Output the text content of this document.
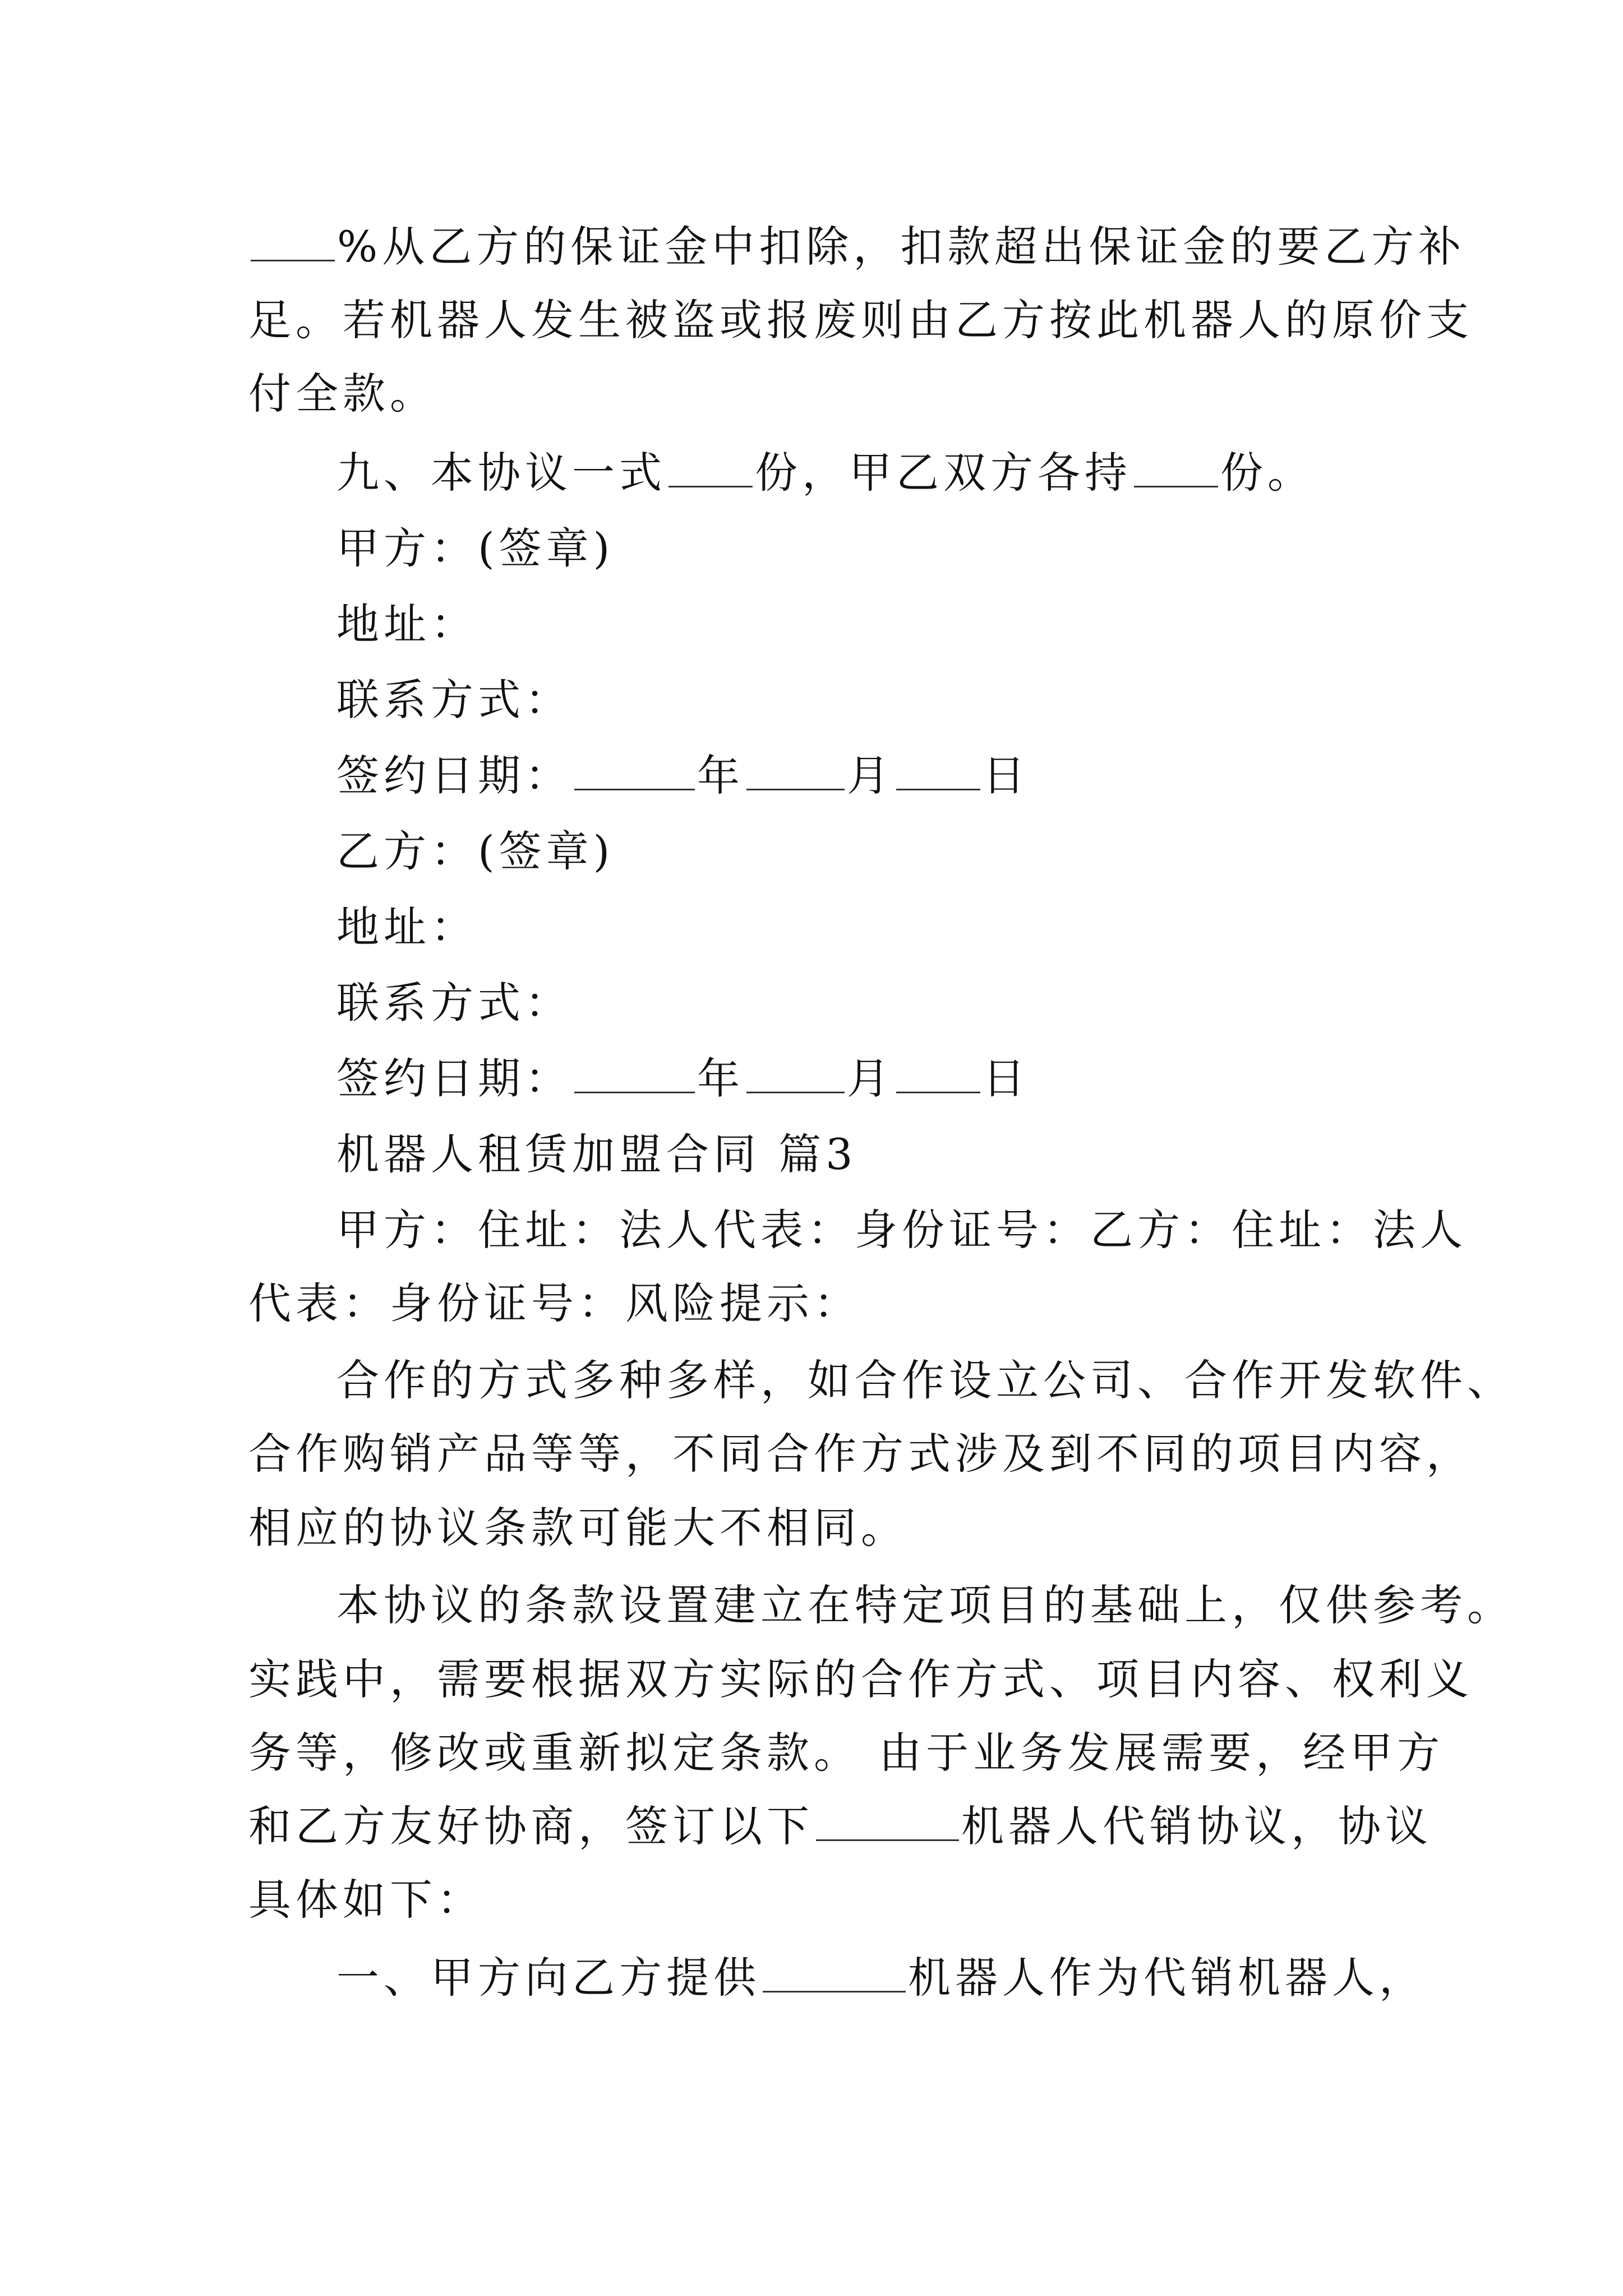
%从乙方的保证金中扣除，扣款超出保证金的要乙方补
足。若机器人发生被盗或报废则由乙方按此机器人的原价支
付全款。
九、本协议一式 份，甲乙双方各持 份。
甲方：(签章)
地址：
联系方式：
签约日期：	年 月 日
乙方：(签章)
地址：
联系方式：
签约日期：	年 月 日
机器人租赁加盟合同 篇3
甲方：住址：法人代表：身份证号：乙方：住址：法人
代表：身份证号：风险提示：
合作的方式多种多样，如合作设立公司、合作开发软件、
合作购销产品等等，不同合作方式涉及到不同的项目内容，
相应的协议条款可能大不相同。
本协议的条款设置建立在特定项目的基础上，仅供参考。
实践中，需要根据双方实际的合作方式、项目内容、权利义
务等，修改或重新拟定条款。 由于业务发展需要，经甲方
和乙方友好协商，签订以下	机器人代销协议，协议
具体如下：
一、甲方向乙方提供	机器人作为代销机器人，
